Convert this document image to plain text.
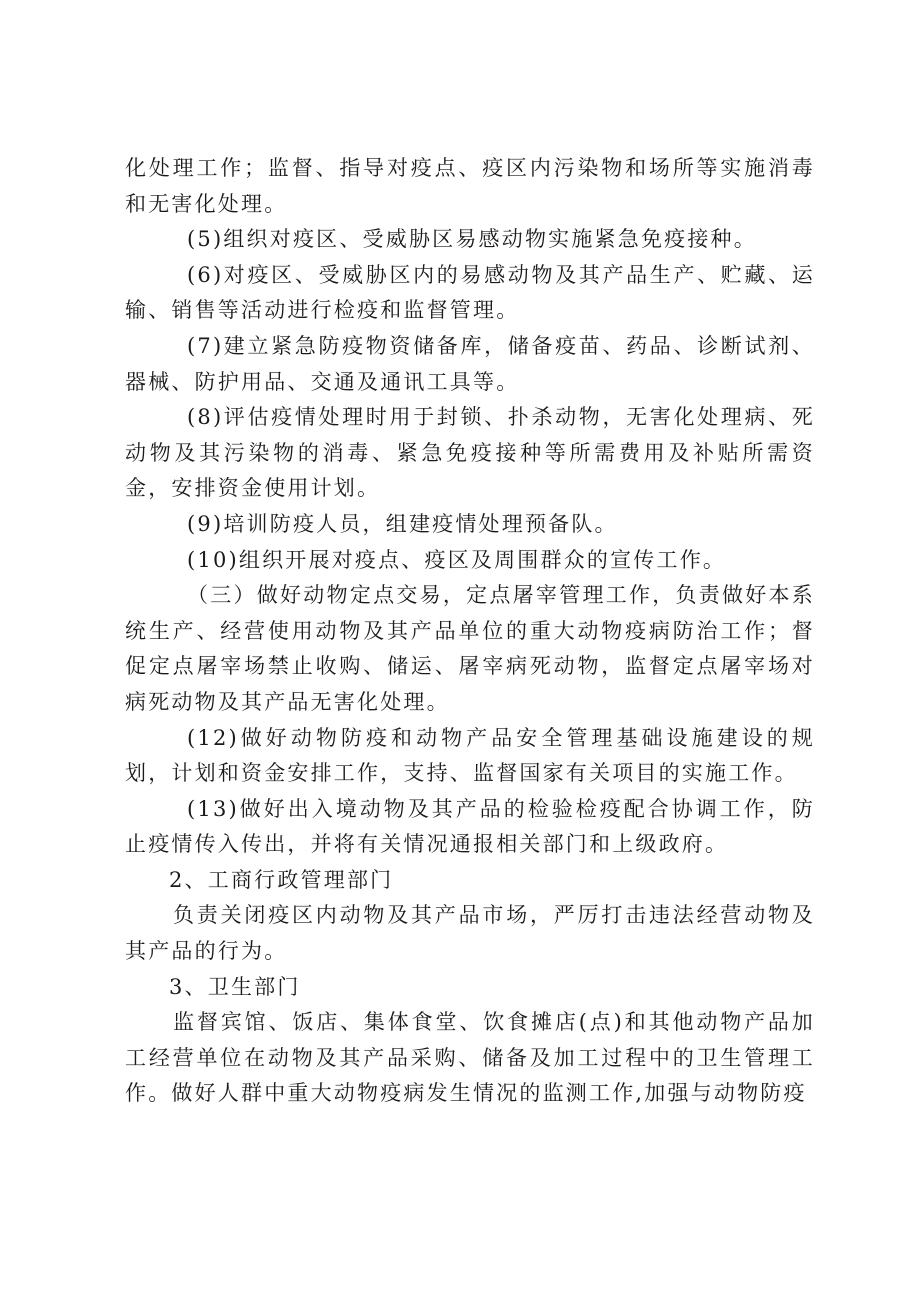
化处理工作；监督、指导对疫点、疫区内污染物和场所等实施消毒和无害化处理。

(5)组织对疫区、受威胁区易感动物实施紧急免疫接种。

(6)对疫区、受威胁区内的易感动物及其产品生产、贮藏、运输、销售等活动进行检疫和监督管理。

(7)建立紧急防疫物资储备库，储备疫苗、药品、诊断试剂、器械、防护用品、交通及通讯工具等。

(8)评估疫情处理时用于封锁、扑杀动物，无害化处理病、死动物及其污染物的消毒、紧急免疫接种等所需费用及补贴所需资金，安排资金使用计划。

(9)培训防疫人员，组建疫情处理预备队。

(10)组织开展对疫点、疫区及周围群众的宣传工作。

（三）做好动物定点交易，定点屠宰管理工作，负责做好本系统生产、经营使用动物及其产品单位的重大动物疫病防治工作；督促定点屠宰场禁止收购、储运、屠宰病死动物，监督定点屠宰场对病死动物及其产品无害化处理。

(12)做好动物防疫和动物产品安全管理基础设施建设的规划，计划和资金安排工作，支持、监督国家有关项目的实施工作。

(13)做好出入境动物及其产品的检验检疫配合协调工作，防止疫情传入传出，并将有关情况通报相关部门和上级政府。

2、工商行政管理部门

负责关闭疫区内动物及其产品市场，严厉打击违法经营动物及其产品的行为。

3、卫生部门

监督宾馆、饭店、集体食堂、饮食摊店(点)和其他动物产品加工经营单位在动物及其产品采购、储备及加工过程中的卫生管理工作。做好人群中重大动物疫病发生情况的监测工作,加强与动物防疫
